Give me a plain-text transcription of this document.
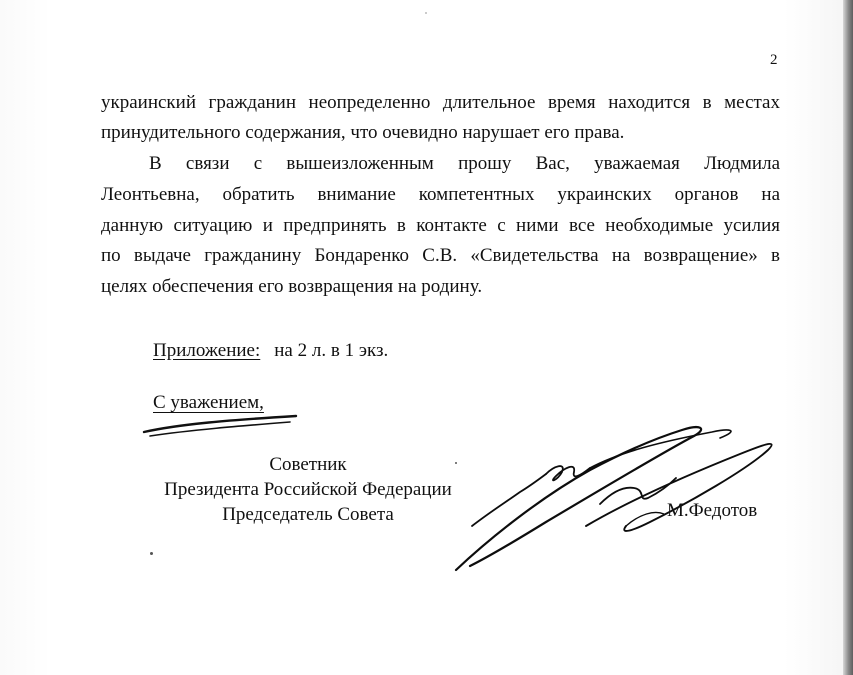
2
украинский гражданин неопределенно длительное время находится в местах
принудительного содержания, что очевидно нарушает его права.
В связи с вышеизложенным прошу Вас, уважаемая Людмила
Леонтьевна, обратить внимание компетентных украинских органов на
данную ситуацию и предпринять в контакте с ними все необходимые усилия
по выдаче гражданину Бондаренко С.В. «Свидетельства на возвращение» в
целях обеспечения его возвращения на родину.
Приложение: на 2 л. в 1 экз.
С уважением,
Советник
Президента Российской Федерации
Председатель Совета	М.Федотов
